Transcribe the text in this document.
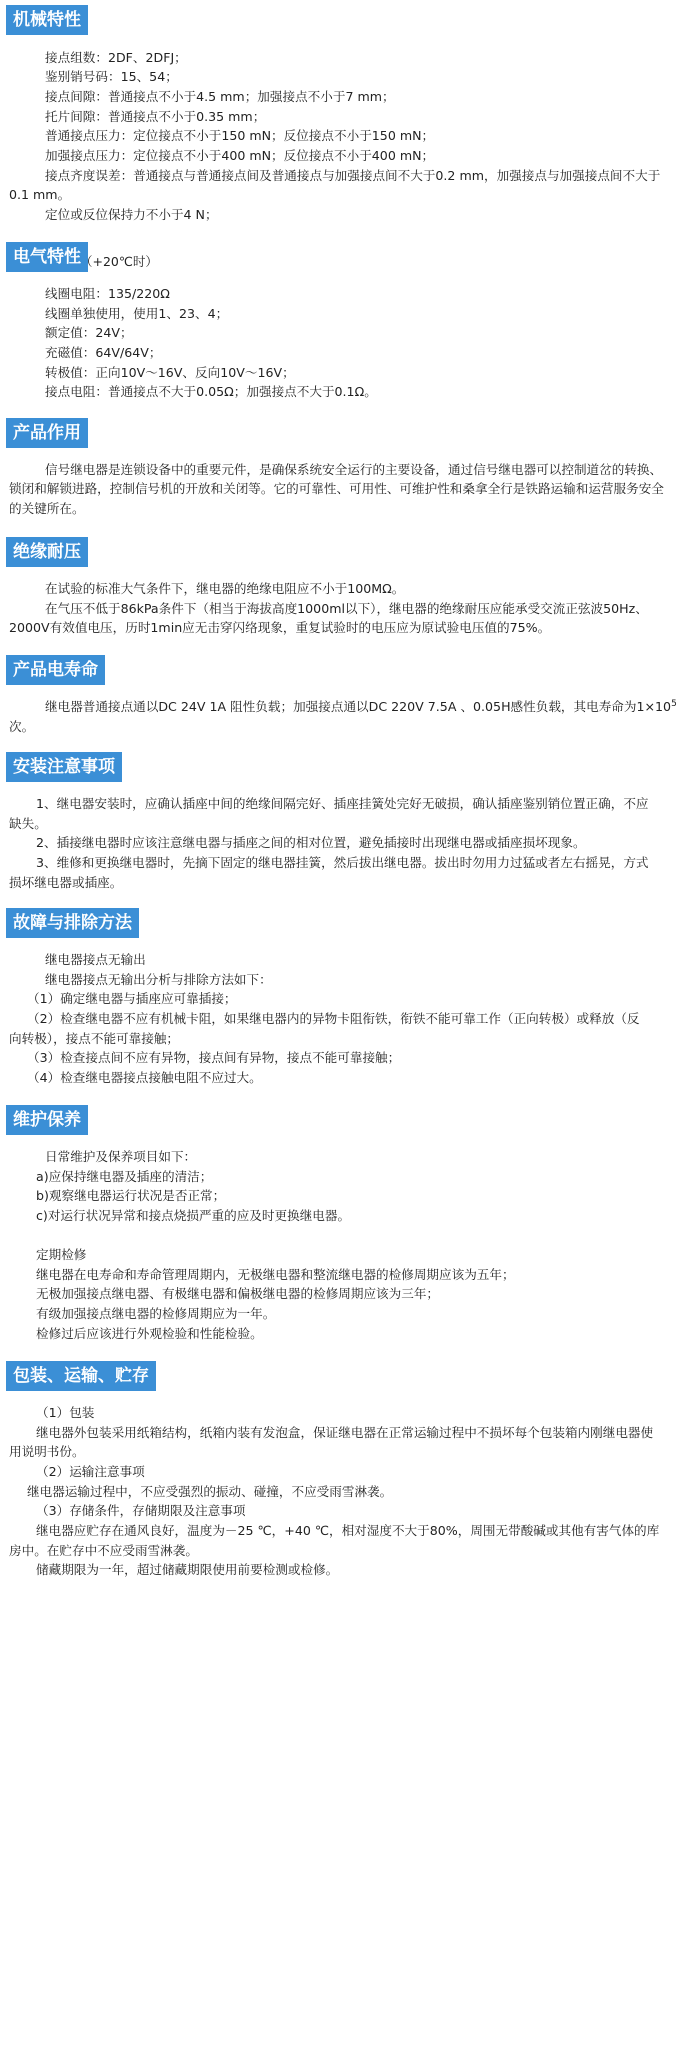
机械特性
接点组数：2DF、2DFJ；
鉴别销号码：15、54；
接点间隙：普通接点不小于4.5 mm；加强接点不小于7 mm；
托片间隙：普通接点不小于0.35 mm；
普通接点压力：定位接点不小于150 mN；反位接点不小于150 mN；
加强接点压力：定位接点不小于400 mN；反位接点不小于400 mN；
接点齐度误差：普通接点与普通接点间及普通接点与加强接点间不大于0.2 mm，加强接点与加强接点间不大于
0.1 mm。
定位或反位保持力不小于4 N；
电气特性 （+20℃时）
线圈电阻：135/220Ω
线圈单独使用，使用1、23、4；
额定值：24V；
充磁值：64V/64V；
转极值：正向10V～16V、反向10V～16V；
接点电阻：普通接点不大于0.05Ω；加强接点不大于0.1Ω。
产品作用
信号继电器是连锁设备中的重要元件，是确保系统安全运行的主要设备，通过信号继电器可以控制道岔的转换、
锁闭和解锁进路，控制信号机的开放和关闭等。它的可靠性、可用性、可维护性和桑拿全行是铁路运输和运营服务安全
的关键所在。
绝缘耐压
在试验的标准大气条件下，继电器的绝缘电阻应不小于100MΩ。
在气压不低于86kPa条件下（相当于海拔高度1000ml以下），继电器的绝缘耐压应能承受交流正弦波50Hz、
2000V有效值电压，历时1min应无击穿闪络现象，重复试验时的电压应为原试验电压值的75%。
产品电寿命
继电器普通接点通以DC 24V 1A 阻性负载；加强接点通以DC 220V 7.5A 、0.05H感性负载，其电寿命为$1\times 10^5$
次。
安装注意事项
1、继电器安装时，应确认插座中间的绝缘间隔完好、插座挂簧处完好无破损，确认插座鉴别销位置正确，不应
缺失。
2、插接继电器时应该注意继电器与插座之间的相对位置，避免插接时出现继电器或插座损坏现象。
3、维修和更换继电器时，先摘下固定的继电器挂簧，然后拔出继电器。拔出时勿用力过猛或者左右摇晃，方式
损坏继电器或插座。
故障与排除方法
继电器接点无输出
继电器接点无输出分析与排除方法如下：
（1）确定继电器与插座应可靠插接；
（2）检查继电器不应有机械卡阻，如果继电器内的异物卡阻衔铁，衔铁不能可靠工作（正向转极）或释放（反
向转极），接点不能可靠接触；
（3）检查接点间不应有异物，接点间有异物，接点不能可靠接触；
（4）检查继电器接点接触电阻不应过大。
维护保养
日常维护及保养项目如下：
a)应保持继电器及插座的清洁；
b)观察继电器运行状况是否正常；
c)对运行状况异常和接点烧损严重的应及时更换继电器。
定期检修
继电器在电寿命和寿命管理周期内，无极继电器和整流继电器的检修周期应该为五年；
无极加强接点继电器、有极继电器和偏极继电器的检修周期应该为三年；
有级加强接点继电器的检修周期应为一年。
检修过后应该进行外观检验和性能检验。
包装、运输、贮存
（1）包装
继电器外包装采用纸箱结构，纸箱内装有发泡盒，保证继电器在正常运输过程中不损坏每个包装箱内刚继电器使
用说明书份。
（2）运输注意事项
继电器运输过程中，不应受强烈的振动、碰撞，不应受雨雪淋袭。
（3）存储条件，存储期限及注意事项
继电器应贮存在通风良好，温度为－25 ℃，+40 ℃，相对湿度不大于80%，周围无带酸碱或其他有害气体的库
房中。在贮存中不应受雨雪淋袭。
储藏期限为一年，超过储藏期限使用前要检测或检修。
